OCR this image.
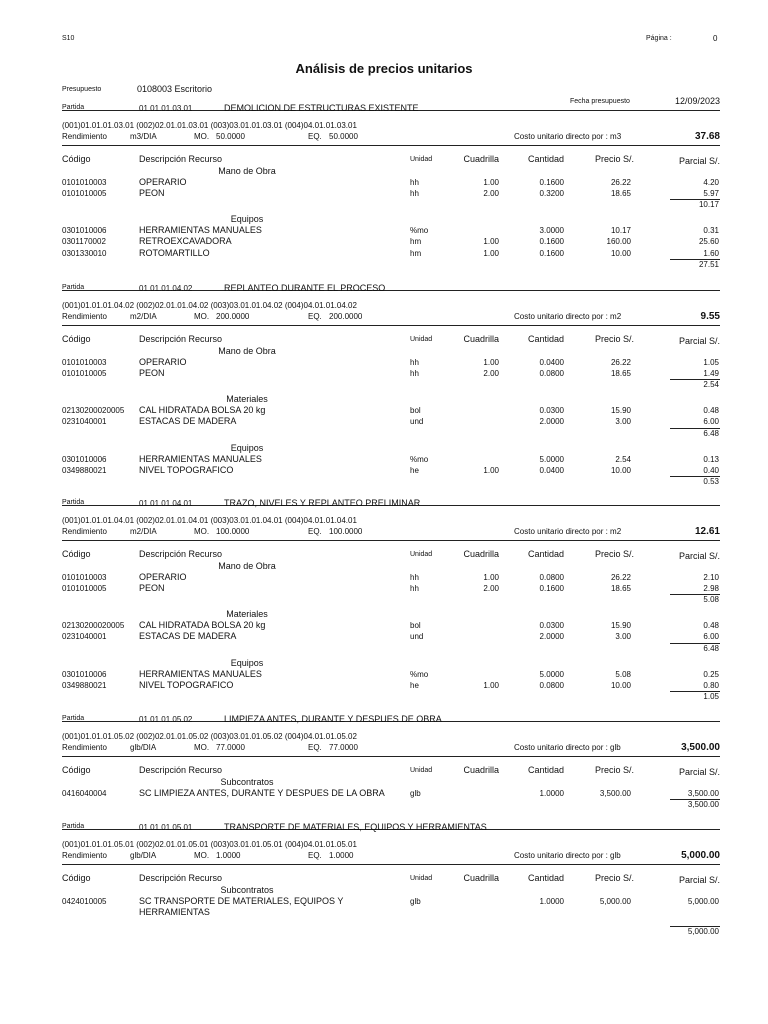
S10	Página :	0
Análisis de precios unitarios
Presupuesto	0108003 Escritorio
Fecha presupuesto	12/09/2023
Partida	01.01.01.03.01	DEMOLICION DE ESTRUCTURAS EXISTENTE
(001)01.01.01.03.01 (002)02.01.01.03.01 (003)03.01.01.03.01 (004)04.01.01.03.01
Rendimiento	m3/DIA	MO. 50.0000	EQ. 50.0000	Costo unitario directo por : m3	37.68
Código	Descripción Recurso	Unidad	Cuadrilla	Cantidad	Precio S/.	Parcial S/.
Mano de Obra
0101010003	OPERARIO	hh	1.00	0.1600	26.22	4.20
0101010005	PEON	hh	2.00	0.3200	18.65	5.97
10.17
Equipos
0301010006	HERRAMIENTAS MANUALES	%mo	3.0000	10.17	0.31
0301170002	RETROEXCAVADORA	hm	1.00	0.1600	160.00	25.60
0301330010	ROTOMARTILLO	hm	1.00	0.1600	10.00	1.60
27.51
Partida	01.01.01.04.02	REPLANTEO DURANTE EL PROCESO
(001)01.01.01.04.02 (002)02.01.01.04.02 (003)03.01.01.04.02 (004)04.01.01.04.02
Rendimiento	m2/DIA	MO. 200.0000	EQ. 200.0000	Costo unitario directo por : m2	9.55
Código	Descripción Recurso	Unidad	Cuadrilla	Cantidad	Precio S/.	Parcial S/.
Mano de Obra
0101010003	OPERARIO	hh	1.00	0.0400	26.22	1.05
0101010005	PEON	hh	2.00	0.0800	18.65	1.49
2.54
Materiales
02130200020005 CAL HIDRATADA BOLSA 20 kg	bol	0.0300	15.90	0.48
0231040001	ESTACAS DE MADERA	und	2.0000	3.00	6.00
6.48
Equipos
0301010006	HERRAMIENTAS MANUALES	%mo	5.0000	2.54	0.13
0349880021	NIVEL TOPOGRAFICO	he	1.00	0.0400	10.00	0.40
0.53
Partida	01.01.01.04.01	TRAZO, NIVELES Y REPLANTEO PRELIMINAR
(001)01.01.01.04.01 (002)02.01.01.04.01 (003)03.01.01.04.01 (004)04.01.01.04.01
Rendimiento	m2/DIA	MO. 100.0000	EQ. 100.0000	Costo unitario directo por : m2	12.61
Código	Descripción Recurso	Unidad	Cuadrilla	Cantidad	Precio S/.	Parcial S/.
Mano de Obra
0101010003	OPERARIO	hh	1.00	0.0800	26.22	2.10
0101010005	PEON	hh	2.00	0.1600	18.65	2.98
5.08
Materiales
02130200020005 CAL HIDRATADA BOLSA 20 kg	bol	0.0300	15.90	0.48
0231040001	ESTACAS DE MADERA	und	2.0000	3.00	6.00
6.48
Equipos
0301010006	HERRAMIENTAS MANUALES	%mo	5.0000	5.08	0.25
0349880021	NIVEL TOPOGRAFICO	he	1.00	0.0800	10.00	0.80
1.05
Partida	01.01.01.05.02	LIMPIEZA ANTES, DURANTE Y DESPUES DE OBRA
(001)01.01.01.05.02 (002)02.01.01.05.02 (003)03.01.01.05.02 (004)04.01.01.05.02
Rendimiento	glb/DIA	MO. 77.0000	EQ. 77.0000	Costo unitario directo por : glb	3,500.00
Código	Descripción Recurso	Unidad	Cuadrilla	Cantidad	Precio S/.	Parcial S/.
Subcontratos
0416040004	SC LIMPIEZA ANTES, DURANTE Y DESPUES DE LA OBRA	glb	1.0000	3,500.00	3,500.00
3,500.00
Partida	01.01.01.05.01	TRANSPORTE DE MATERIALES, EQUIPOS Y HERRAMIENTAS
(001)01.01.01.05.01 (002)02.01.01.05.01 (003)03.01.01.05.01 (004)04.01.01.05.01
Rendimiento	glb/DIA	MO. 1.0000	EQ. 1.0000	Costo unitario directo por : glb	5,000.00
Código	Descripción Recurso	Unidad	Cuadrilla	Cantidad	Precio S/.	Parcial S/.
Subcontratos
0424010005	SC TRANSPORTE DE MATERIALES, EQUIPOS Y	glb	1.0000	5,000.00	5,000.00
HERRAMIENTAS
5,000.00
